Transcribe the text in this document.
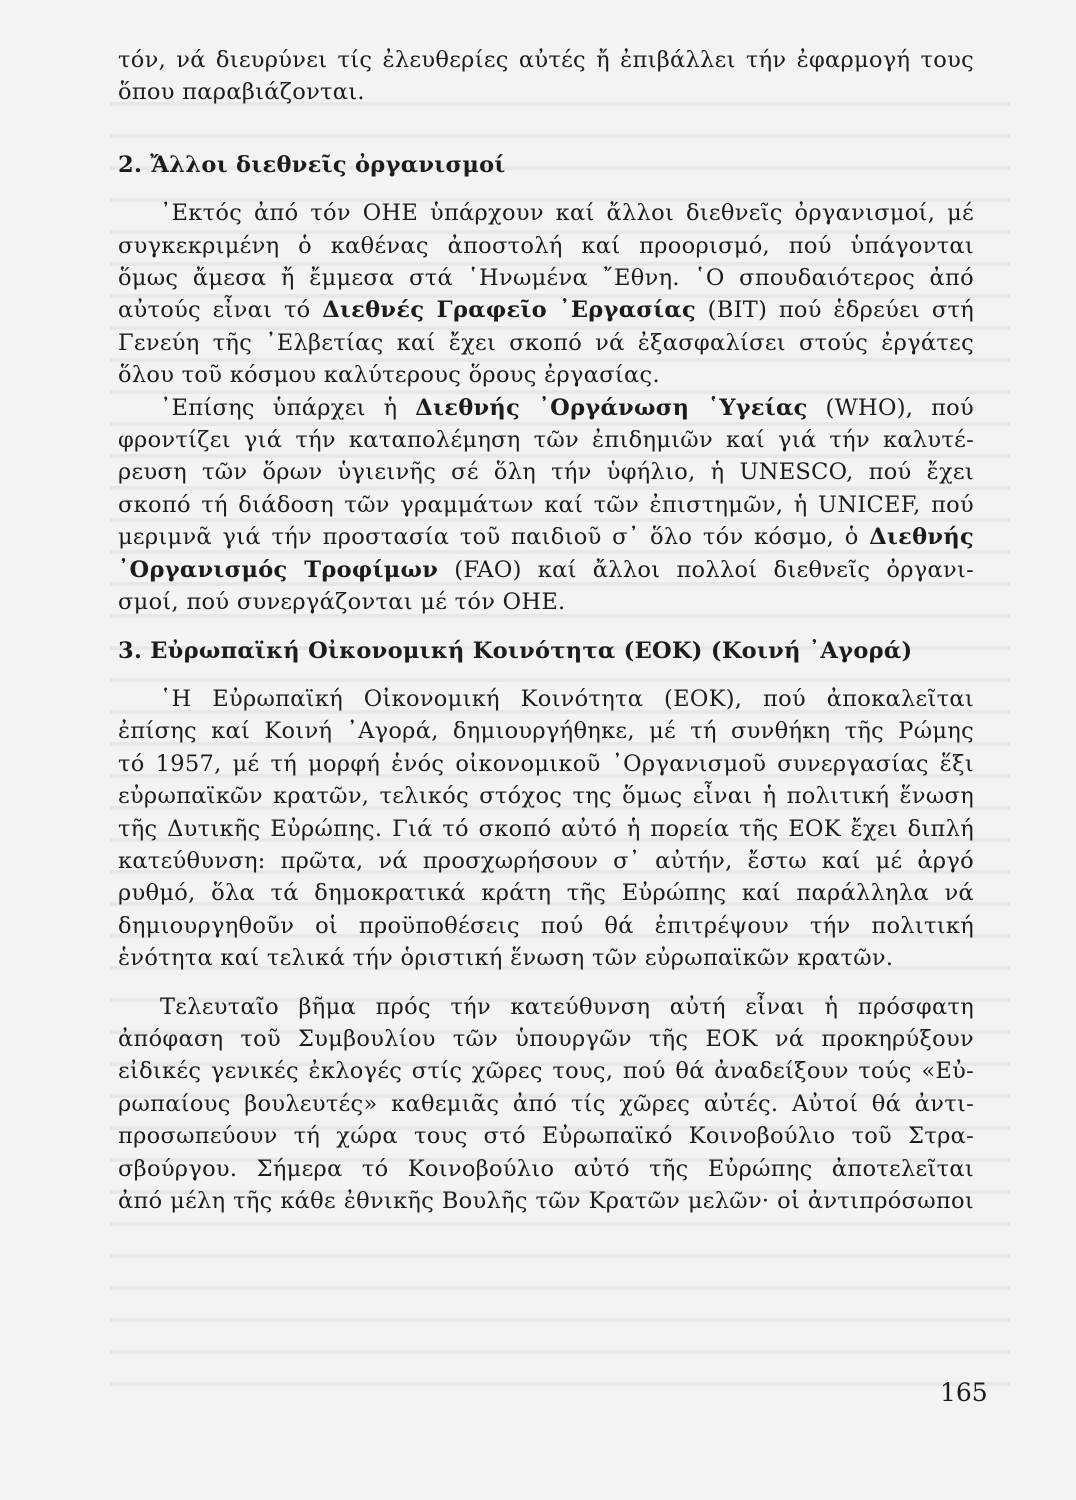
τόν, νά διευρύνει τίς ἐλευθερίες αὐτές ἤ ἐπιβάλλει τήν ἐφαρμογή τους
ὅπου παραβιάζονται.
2. Ἄλλοι διεθνεῖς ὀργανισμοί
᾿Εκτός ἀπό τόν ΟΗΕ ὑπάρχουν καί ἄλλοι διεθνεῖς ὀργανισμοί, μέ
συγκεκριμένη ὁ καθένας ἀποστολή καί προορισμό, πού ὑπάγονται
ὅμως ἄμεσα ἤ ἔμμεσα στά ῾Ηνωμένα ῎Εθνη. ῾Ο σπουδαιότερος ἀπό
αὐτούς εἶναι τό Διεθνές Γραφεῖο ᾿Εργασίας (BIT) πού ἑδρεύει στή
Γενεύη τῆς ᾿Ελβετίας καί ἔχει σκοπό νά ἐξασφαλίσει στούς ἐργάτες
ὅλου τοῦ κόσμου καλύτερους ὅρους ἐργασίας.
᾿Επίσης ὑπάρχει ἡ Διεθνής ᾿Οργάνωση ῾Υγείας (WHO), πού
φροντίζει γιά τήν καταπολέμηση τῶν ἐπιδημιῶν καί γιά τήν καλυτέ-
ρευση τῶν ὅρων ὑγιεινῆς σέ ὅλη τήν ὑφήλιο, ἡ UNESCO, πού ἔχει
σκοπό τή διάδοση τῶν γραμμάτων καί τῶν ἐπιστημῶν, ἡ UNICEF, πού
μεριμνᾶ γιά τήν προστασία τοῦ παιδιοῦ σ᾿ ὅλο τόν κόσμο, ὁ Διεθνής
᾿Οργανισμός Τροφίμων (FAO) καί ἄλλοι πολλοί διεθνεῖς ὀργανι-
σμοί, πού συνεργάζονται μέ τόν ΟΗΕ.
3. Εὐρωπαϊκή Οἰκονομική Κοινότητα (ΕΟΚ) (Κοινή ᾿Αγορά)
῾Η Εὐρωπαϊκή Οἰκονομική Κοινότητα (ΕΟΚ), πού ἀποκαλεῖται
ἐπίσης καί Κοινή ᾿Αγορά, δημιουργήθηκε, μέ τή συνθήκη τῆς Ρώμης
τό 1957, μέ τή μορφή ἑνός οἰκονομικοῦ ᾿Οργανισμοῦ συνεργασίας ἕξι
εὐρωπαϊκῶν κρατῶν, τελικός στόχος της ὅμως εἶναι ἡ πολιτική ἕνωση
τῆς Δυτικῆς Εὐρώπης. Γιά τό σκοπό αὐτό ἡ πορεία τῆς ΕΟΚ ἔχει διπλή
κατεύθυνση: πρῶτα, νά προσχωρήσουν σ᾿ αὐτήν, ἔστω καί μέ ἀργό
ρυθμό, ὅλα τά δημοκρατικά κράτη τῆς Εὐρώπης καί παράλληλα νά
δημιουργηθοῦν οἱ προϋποθέσεις πού θά ἐπιτρέψουν τήν πολιτική
ἑνότητα καί τελικά τήν ὁριστική ἕνωση τῶν εὐρωπαϊκῶν κρατῶν.
Τελευταῖο βῆμα πρός τήν κατεύθυνση αὐτή εἶναι ἡ πρόσφατη
ἀπόφαση τοῦ Συμβουλίου τῶν ὑπουργῶν τῆς ΕΟΚ νά προκηρύξουν
εἰδικές γενικές ἐκλογές στίς χῶρες τους, πού θά ἀναδείξουν τούς «Εὐ-
ρωπαίους βουλευτές» καθεμιᾶς ἀπό τίς χῶρες αὐτές. Αὐτοί θά ἀντι-
προσωπεύουν τή χώρα τους στό Εὐρωπαϊκό Κοινοβούλιο τοῦ Στρα-
σβούργου. Σήμερα τό Κοινοβούλιο αὐτό τῆς Εὐρώπης ἀποτελεῖται
ἀπό μέλη τῆς κάθε ἐθνικῆς Βουλῆς τῶν Κρατῶν μελῶν· οἱ ἀντιπρόσωποι
165
